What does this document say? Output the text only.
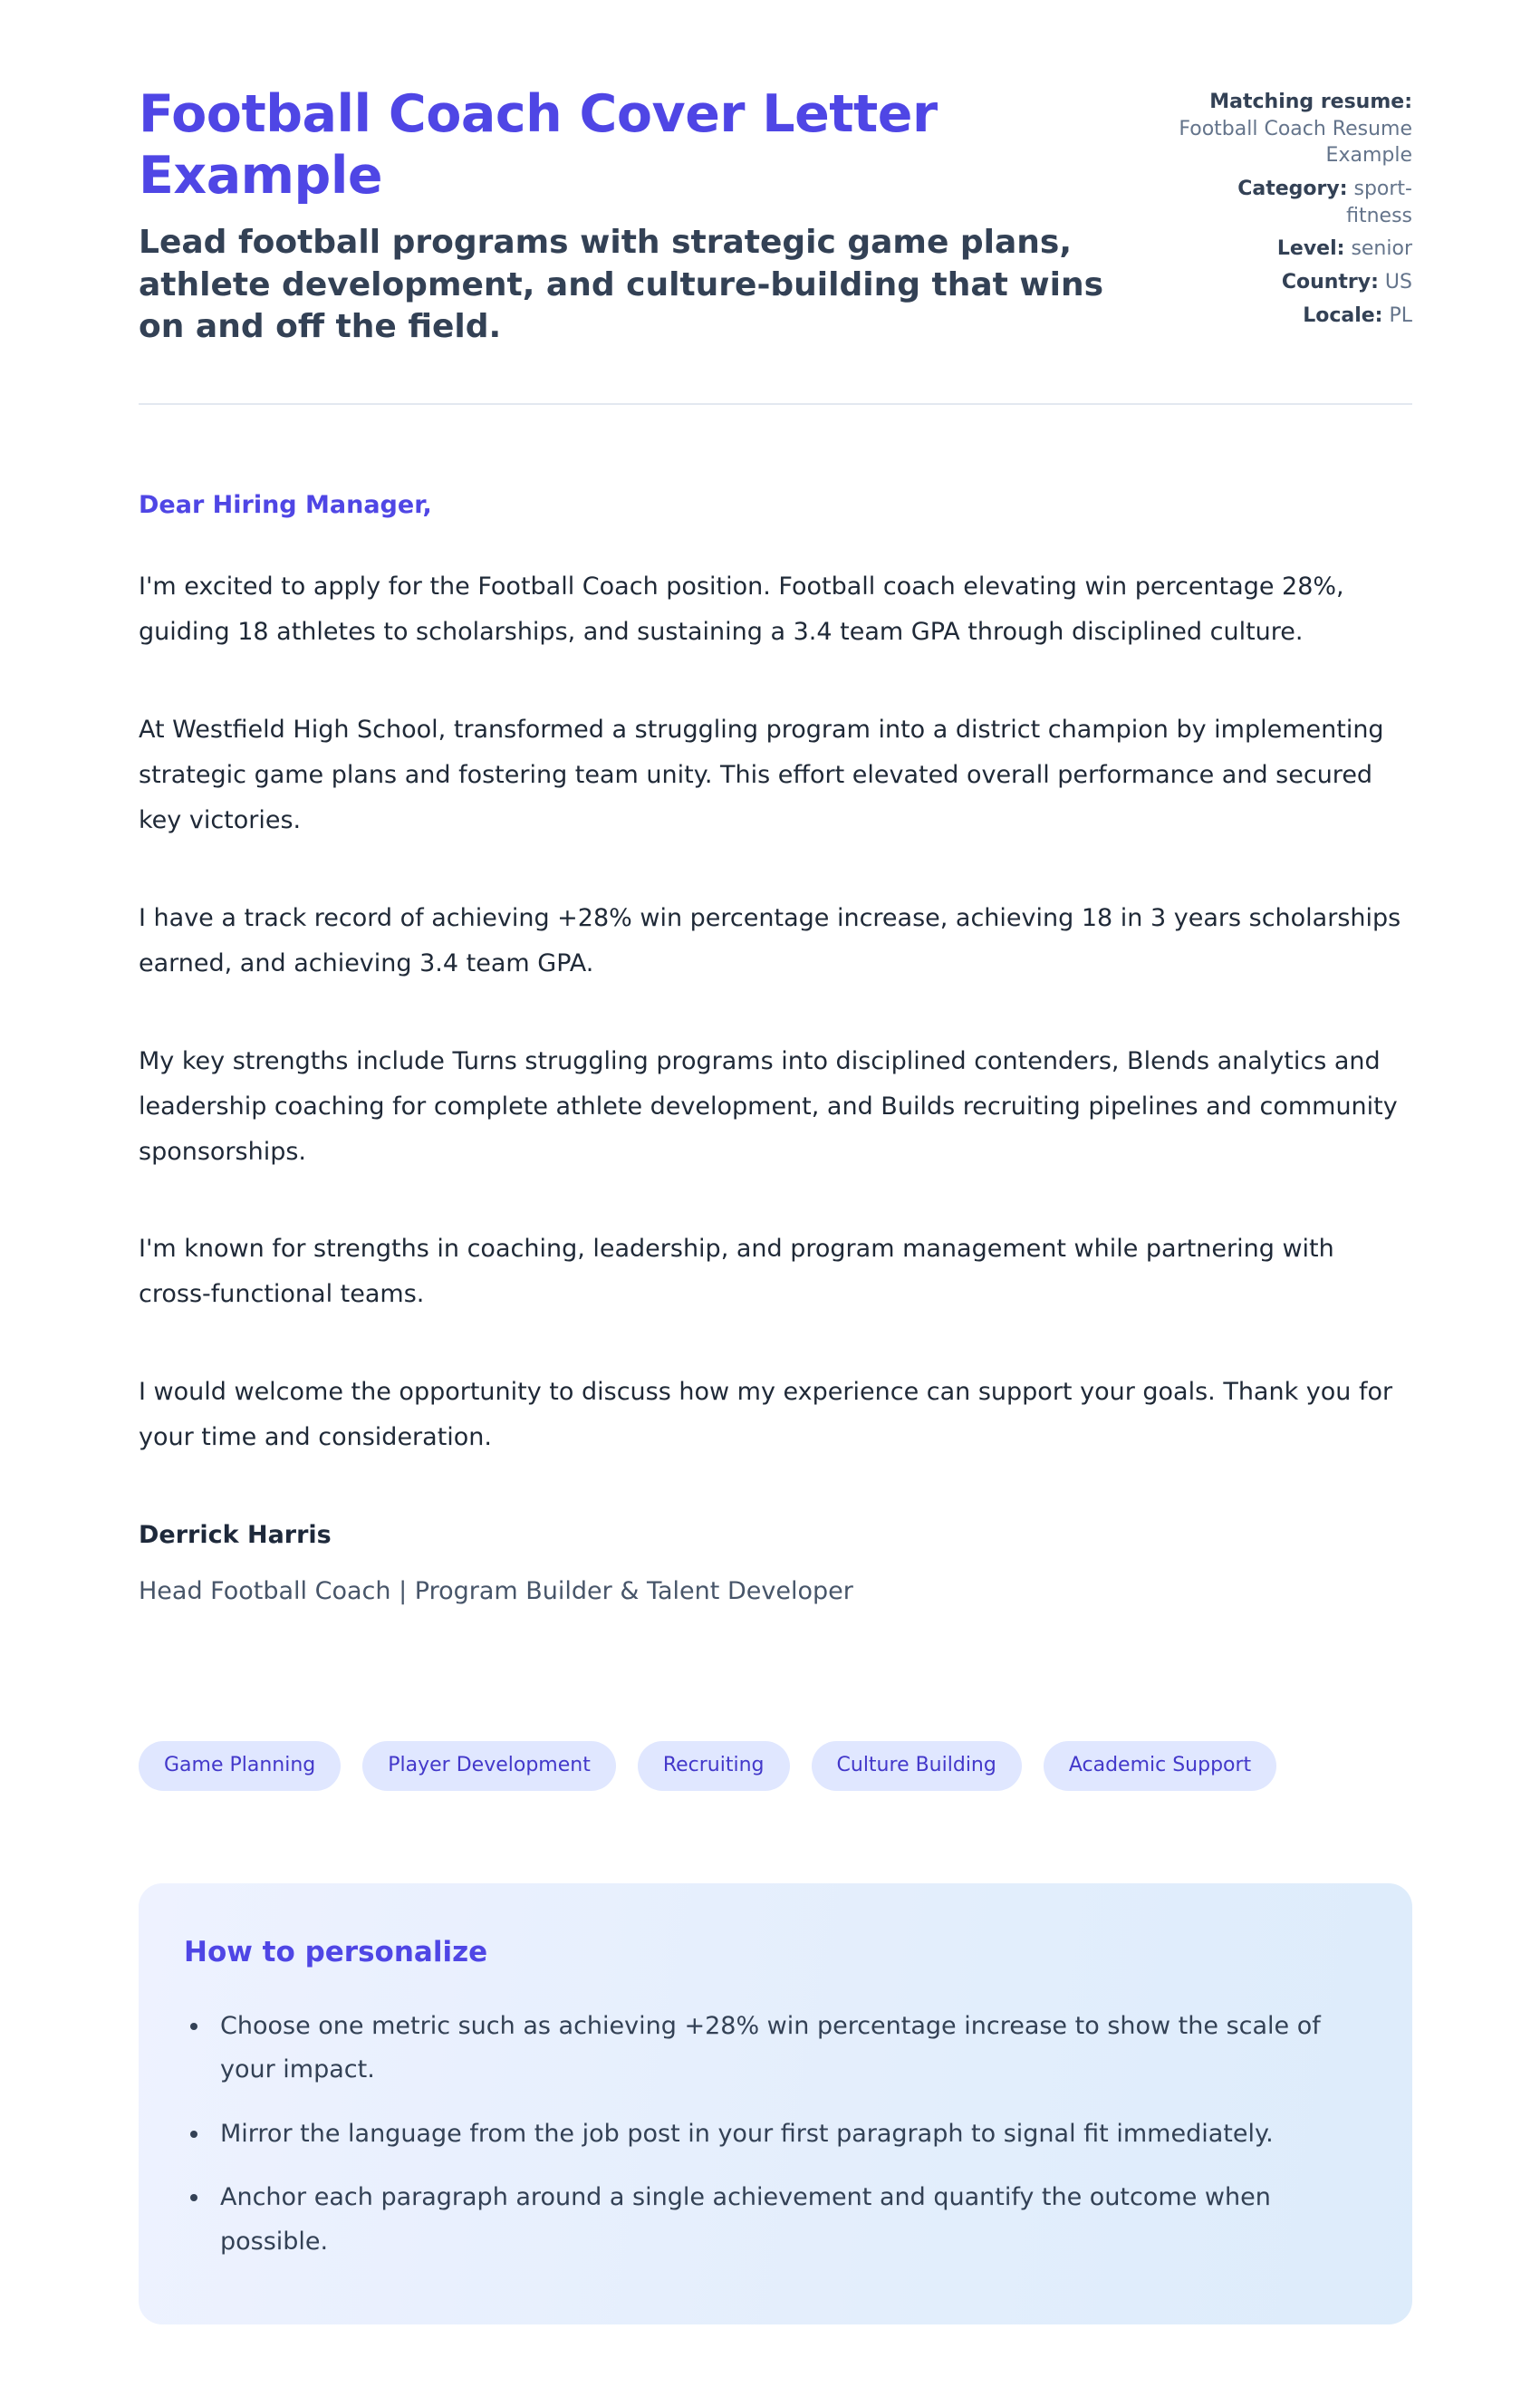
Football Coach Cover Letter Example

Lead football programs with strategic game plans, athlete development, and culture-building that wins on and off the field.

Matching resume: Football Coach Resume Example
Category: sport-fitness
Level: senior
Country: US
Locale: PL

Dear Hiring Manager,

I'm excited to apply for the Football Coach position. Football coach elevating win percentage 28%, guiding 18 athletes to scholarships, and sustaining a 3.4 team GPA through disciplined culture.

At Westfield High School, transformed a struggling program into a district champion by implementing strategic game plans and fostering team unity. This effort elevated overall performance and secured key victories.

I have a track record of achieving +28% win percentage increase, achieving 18 in 3 years scholarships earned, and achieving 3.4 team GPA.

My key strengths include Turns struggling programs into disciplined contenders, Blends analytics and leadership coaching for complete athlete development, and Builds recruiting pipelines and community sponsorships.

I'm known for strengths in coaching, leadership, and program management while partnering with cross-functional teams.

I would welcome the opportunity to discuss how my experience can support your goals. Thank you for your time and consideration.

Derrick Harris

Head Football Coach | Program Builder & Talent Developer

Game Planning	Player Development	Recruiting	Culture Building	Academic Support
How to personalize
• Choose one metric such as achieving +28% win percentage increase to show the scale of your impact.
• Mirror the language from the job post in your first paragraph to signal fit immediately.
• Anchor each paragraph around a single achievement and quantify the outcome when possible.
